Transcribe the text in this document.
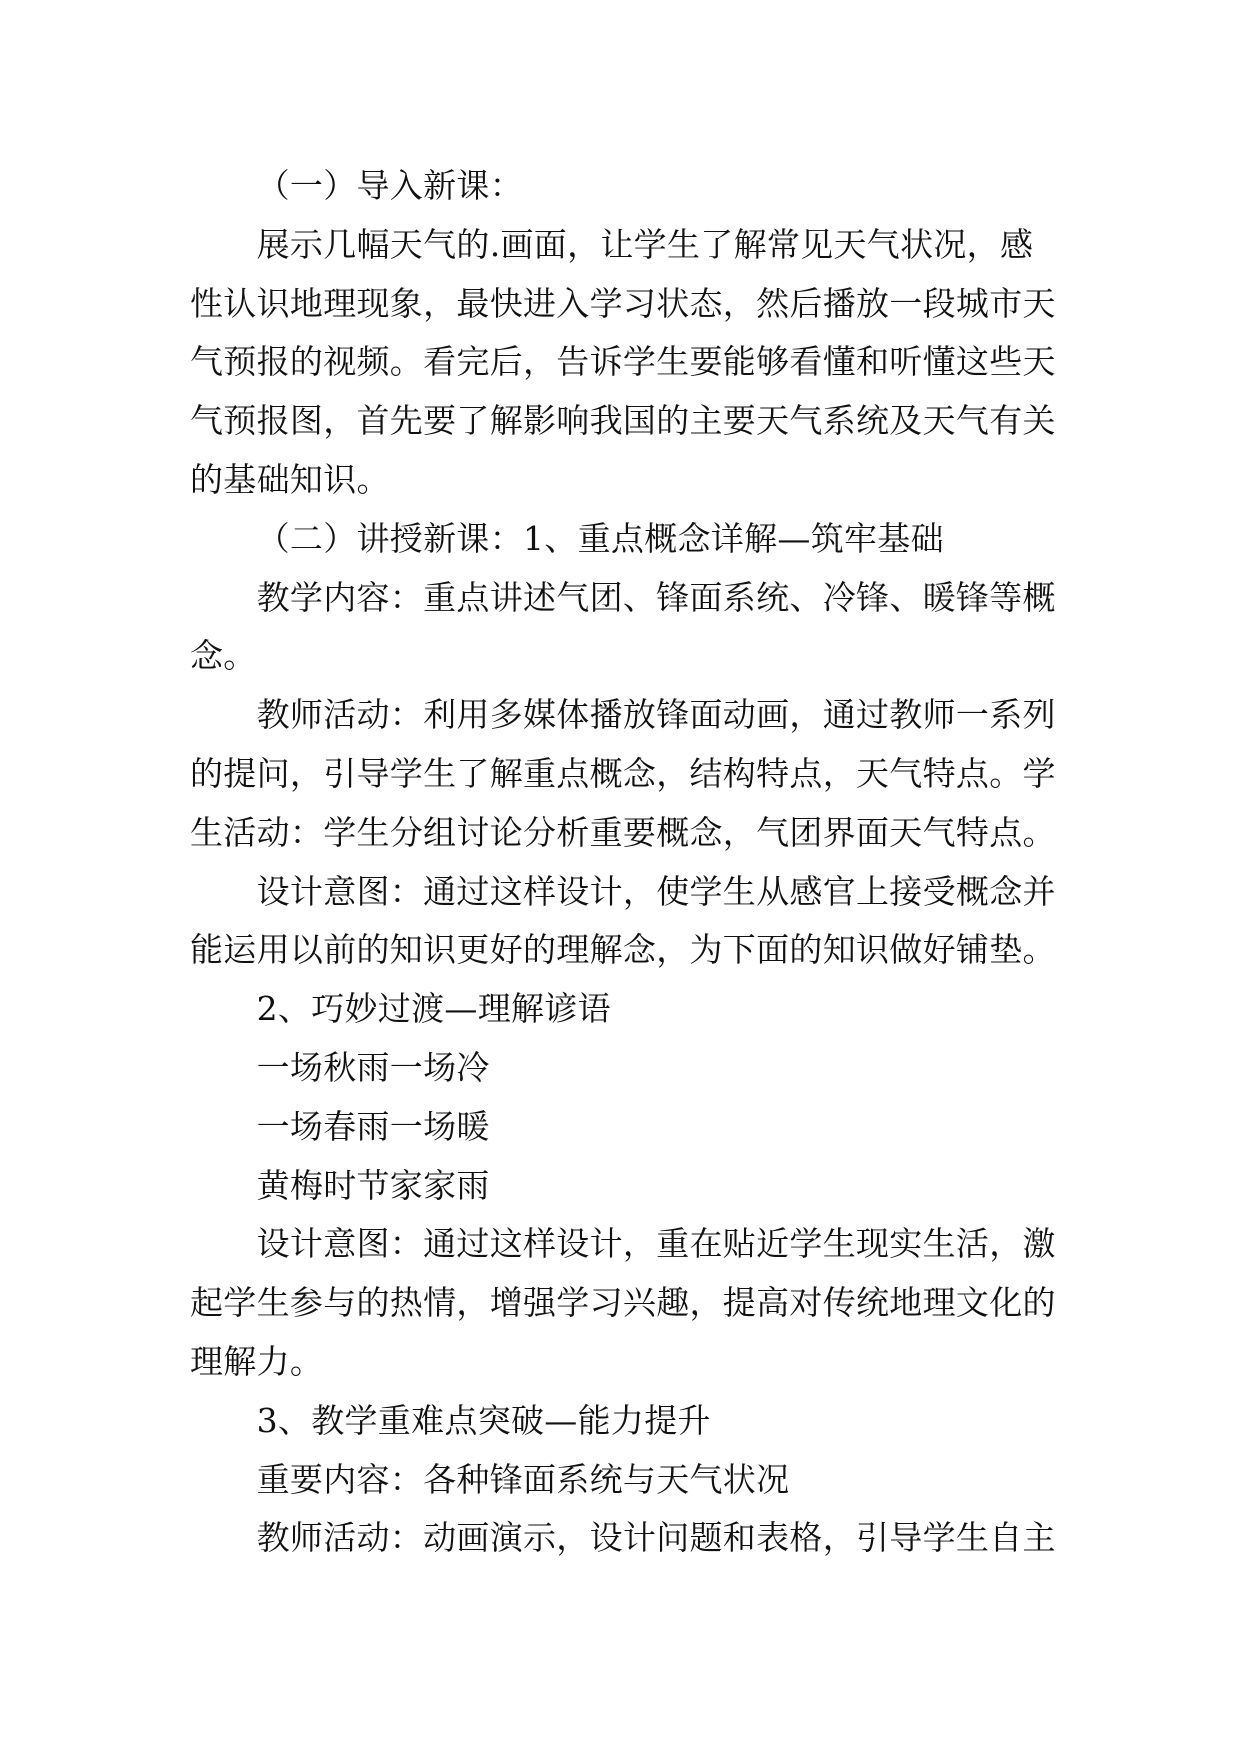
（一）导入新课：
展示几幅天气的.画面，让学生了解常见天气状况，感
性认识地理现象，最快进入学习状态，然后播放一段城市天
气预报的视频。看完后，告诉学生要能够看懂和听懂这些天
气预报图，首先要了解影响我国的主要天气系统及天气有关
的基础知识。
（二）讲授新课：1、重点概念详解—筑牢基础
教学内容：重点讲述气团、锋面系统、冷锋、暖锋等概
念。
教师活动：利用多媒体播放锋面动画，通过教师一系列
的提问，引导学生了解重点概念，结构特点，天气特点。学
生活动：学生分组讨论分析重要概念，气团界面天气特点。
设计意图：通过这样设计，使学生从感官上接受概念并
能运用以前的知识更好的理解念，为下面的知识做好铺垫。
2、巧妙过渡—理解谚语
一场秋雨一场冷
一场春雨一场暖
黄梅时节家家雨
设计意图：通过这样设计，重在贴近学生现实生活，激
起学生参与的热情，增强学习兴趣，提高对传统地理文化的
理解力。
3、教学重难点突破—能力提升
重要内容：各种锋面系统与天气状况
教师活动：动画演示，设计问题和表格，引导学生自主
